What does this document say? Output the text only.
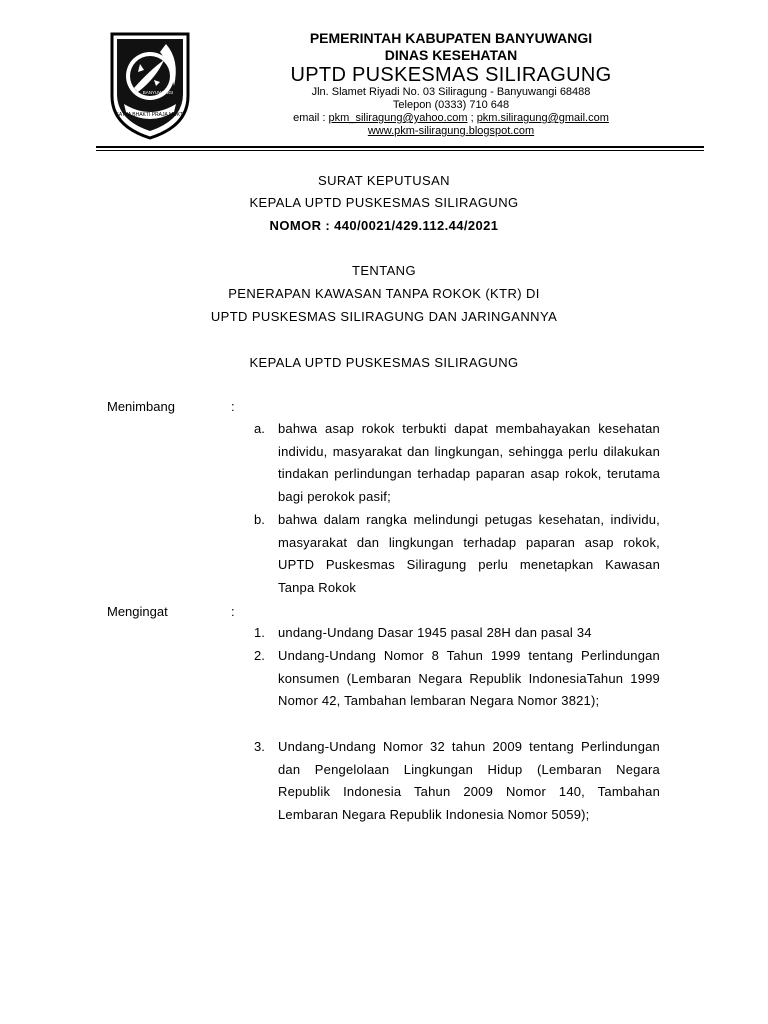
SATYA BHAKTI PRAJA MUKTI
BANYUWANGI
PEMERINTAH KABUPATEN BANYUWANGI
DINAS KESEHATAN
UPTD PUSKESMAS SILIRAGUNG
Jln. Slamet Riyadi No. 03 Siliragung - Banyuwangi 68488
Telepon (0333) 710 648
email : pkm_siliragung@yahoo.com ; pkm.siliragung@gmail.com
www.pkm-siliragung.blogspot.com
SURAT KEPUTUSAN
KEPALA UPTD PUSKESMAS SILIRAGUNG
NOMOR : 440/0021/429.112.44/2021
TENTANG
PENERAPAN KAWASAN TANPA ROKOK (KTR) DI
UPTD PUSKESMAS SILIRAGUNG DAN JARINGANNYA
KEPALA UPTD PUSKESMAS SILIRAGUNG
Menimbang	:
a. bahwa asap rokok terbukti dapat membahayakan kesehatan individu, masyarakat dan lingkungan, sehingga perlu dilakukan tindakan perlindungan terhadap paparan asap rokok, terutama bagi perokok pasif;
b. bahwa dalam rangka melindungi petugas kesehatan, individu, masyarakat dan lingkungan terhadap paparan asap rokok, UPTD Puskesmas Siliragung perlu menetapkan Kawasan Tanpa Rokok
Mengingat	:
1. undang-Undang Dasar 1945 pasal 28H dan pasal 34
2. Undang-Undang Nomor 8 Tahun 1999 tentang Perlindungan konsumen (Lembaran Negara Republik IndonesiaTahun 1999 Nomor 42, Tambahan lembaran Negara Nomor 3821);
3. Undang-Undang Nomor 32 tahun 2009 tentang Perlindungan dan Pengelolaan Lingkungan Hidup (Lembaran Negara Republik Indonesia Tahun 2009 Nomor 140, Tambahan Lembaran Negara Republik Indonesia Nomor 5059);
